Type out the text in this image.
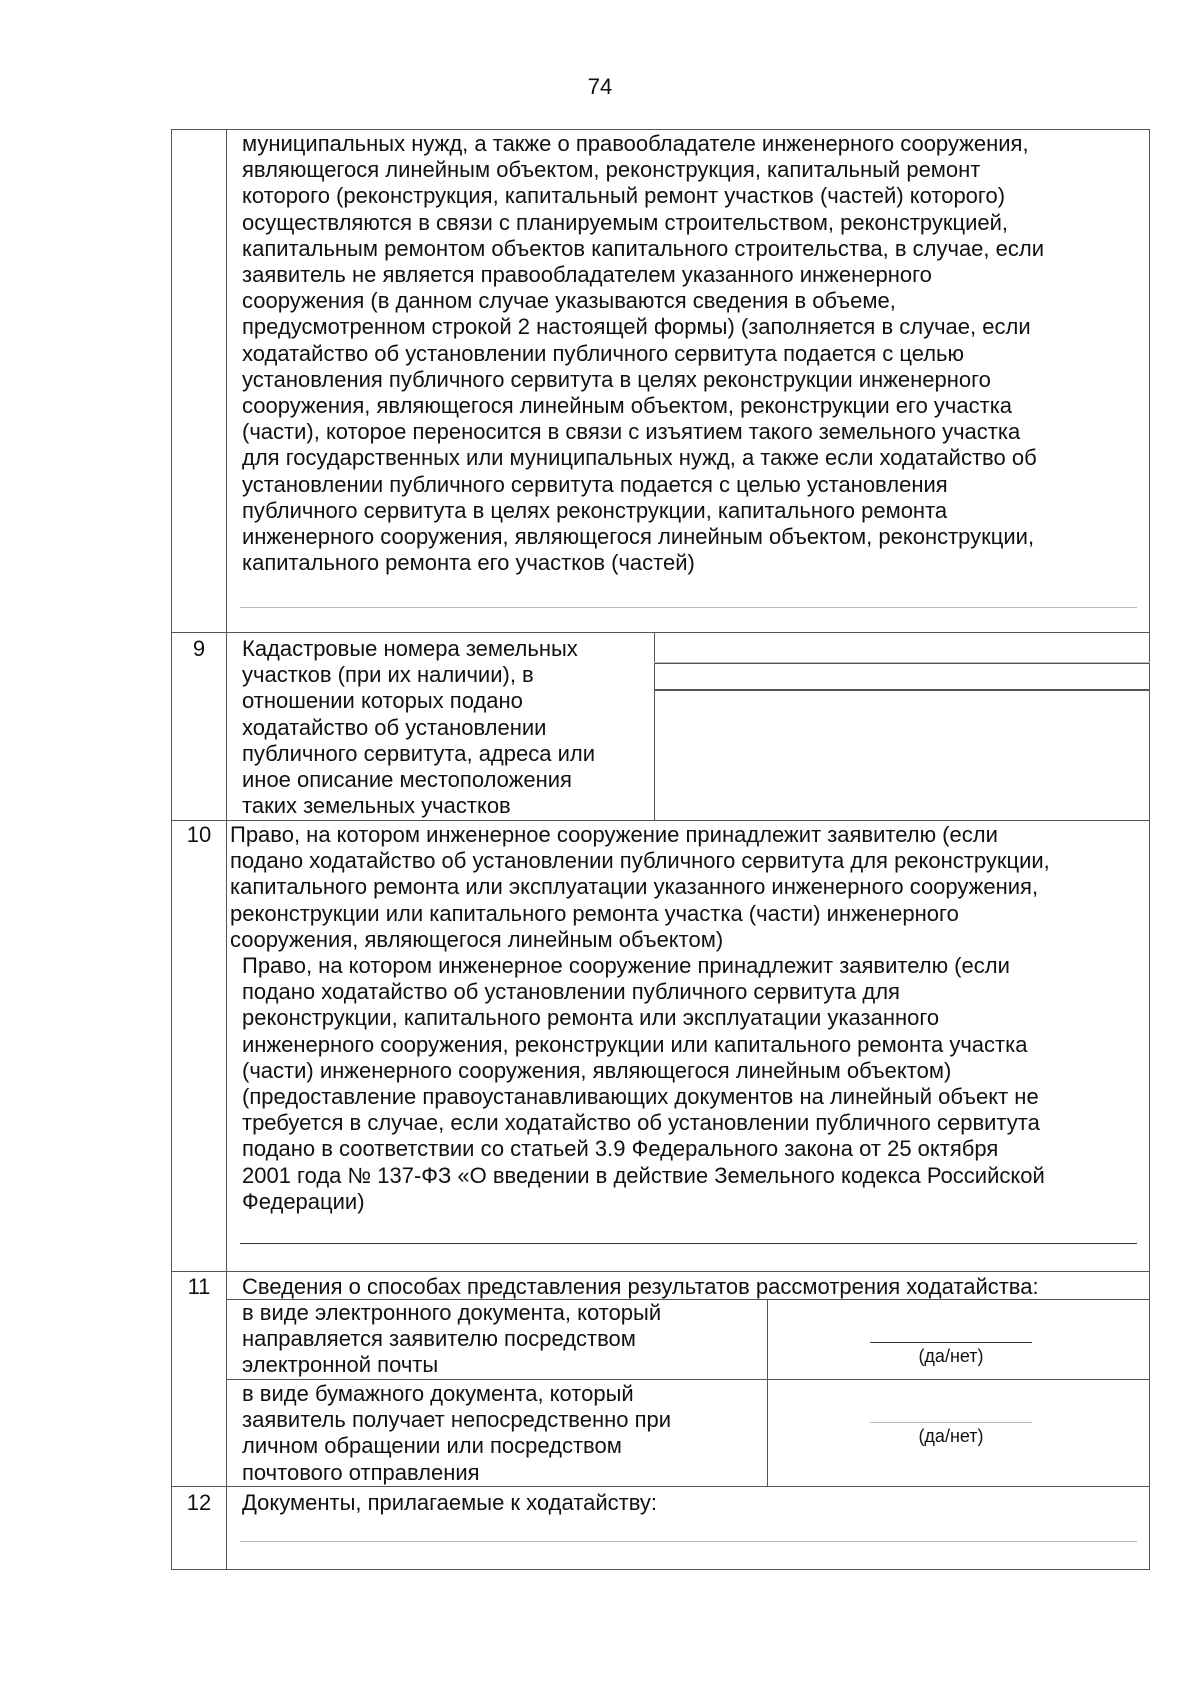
74
муниципальных нужд, а также о правообладателе инженерного сооружения,
являющегося линейным объектом, реконструкция, капитальный ремонт
которого (реконструкция, капитальный ремонт участков (частей) которого)
осуществляются в связи с планируемым строительством, реконструкцией,
капитальным ремонтом объектов капитального строительства, в случае, если
заявитель не является правообладателем указанного инженерного
сооружения (в данном случае указываются сведения в объеме,
предусмотренном строкой 2 настоящей формы) (заполняется в случае, если
ходатайство об установлении публичного сервитута подается с целью
установления публичного сервитута в целях реконструкции инженерного
сооружения, являющегося линейным объектом, реконструкции его участка
(части), которое переносится в связи с изъятием такого земельного участка
для государственных или муниципальных нужд, а также если ходатайство об
установлении публичного сервитута подается с целью установления
публичного сервитута в целях реконструкции, капитального ремонта
инженерного сооружения, являющегося линейным объектом, реконструкции,
капитального ремонта его участков (частей)
9	Кадастровые номера земельных
участков (при их наличии), в
отношении которых подано
ходатайство об установлении
публичного сервитута, адреса или
иное описание местоположения
таких земельных участков
10 Право, на котором инженерное сооружение принадлежит заявителю (если
подано ходатайство об установлении публичного сервитута для реконструкции,
капитального ремонта или эксплуатации указанного инженерного сооружения,
реконструкции или капитального ремонта участка (части) инженерного
сооружения, являющегося линейным объектом)
Право, на котором инженерное сооружение принадлежит заявителю (если
подано ходатайство об установлении публичного сервитута для
реконструкции, капитального ремонта или эксплуатации указанного
инженерного сооружения, реконструкции или капитального ремонта участка
(части) инженерного сооружения, являющегося линейным объектом)
(предоставление правоустанавливающих документов на линейный объект не
требуется в случае, если ходатайство об установлении публичного сервитута
подано в соответствии со статьей 3.9 Федерального закона от 25 октября
2001 года № 137-ФЗ «О введении в действие Земельного кодекса Российской
Федерации)
11	Сведения о способах представления результатов рассмотрения ходатайства:
в виде электронного документа, который
направляется заявителю посредством
электронной почты	(да/нет)
в виде бумажного документа, который
заявитель получает непосредственно при
личном обращении или посредством
почтового отправления
(да/нет)
12	Документы, прилагаемые к ходатайству:
